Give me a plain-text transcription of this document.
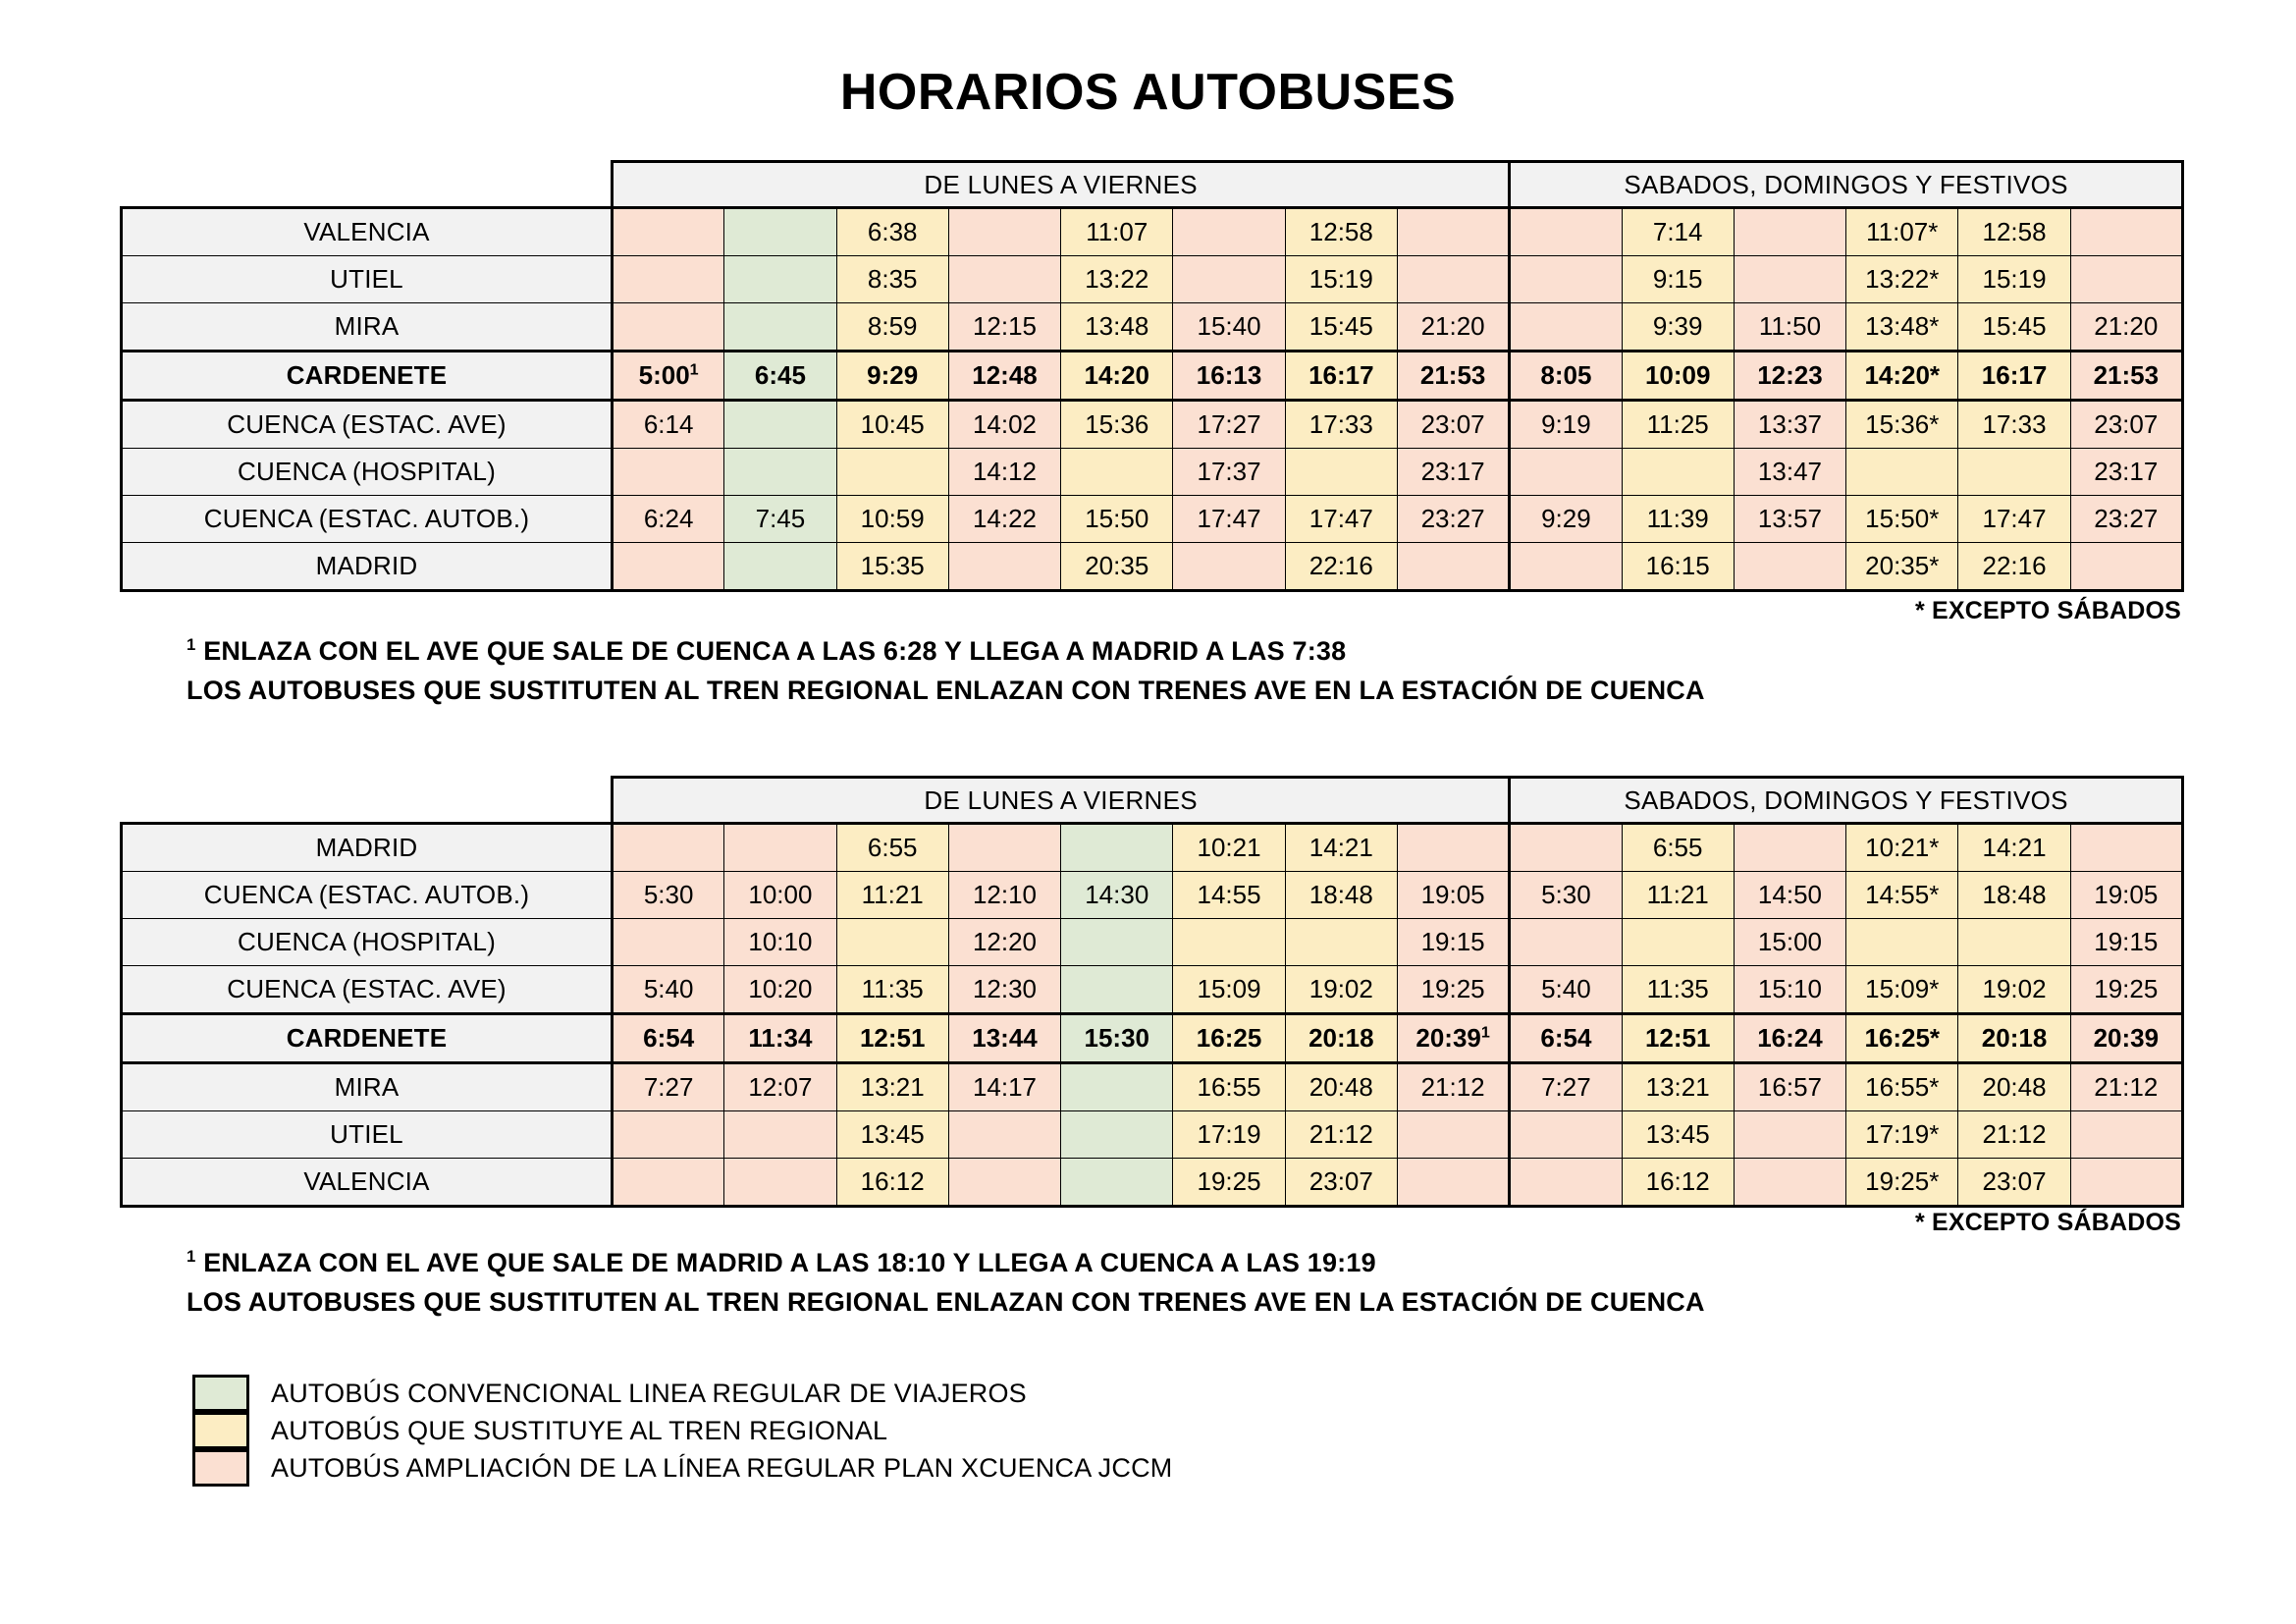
HORARIOS AUTOBUSES
	DE LUNES A VIERNES								SABADOS, DOMINGOS Y FESTIVOS					
VALENCIA			6:38		11:07		12:58			7:14		11:07*	12:58	
UTIEL			8:35		13:22		15:19			9:15		13:22*	15:19	
MIRA			8:59	12:15	13:48	15:40	15:45	21:20		9:39	11:50	13:48*	15:45	21:20
CARDENETE	5:00$^1$	6:45	9:29	12:48	14:20	16:13	16:17	21:53	8:05	10:09	12:23	14:20*	16:17	21:53
CUENCA (ESTAC. AVE)	6:14		10:45	14:02	15:36	17:27	17:33	23:07	9:19	11:25	13:37	15:36*	17:33	23:07
CUENCA (HOSPITAL)				14:12		17:37		23:17			13:47			23:17
CUENCA (ESTAC. AUTOB.)	6:24	7:45	10:59	14:22	15:50	17:47	17:47	23:27	9:29	11:39	13:57	15:50*	17:47	23:27
MADRID			15:35		20:35		22:16			16:15		20:35*	22:16	
* EXCEPTO SÁBADOS
$^1$ ENLAZA CON EL AVE QUE SALE DE CUENCA A LAS 6:28 Y LLEGA A MADRID A LAS 7:38
LOS AUTOBUSES QUE SUSTITUTEN AL TREN REGIONAL ENLAZAN CON TRENES AVE EN LA ESTACIÓN DE CUENCA
	DE LUNES A VIERNES								SABADOS, DOMINGOS Y FESTIVOS					
MADRID			6:55			10:21	14:21			6:55		10:21*	14:21	
CUENCA (ESTAC. AUTOB.)	5:30	10:00	11:21	12:10	14:30	14:55	18:48	19:05	5:30	11:21	14:50	14:55*	18:48	19:05
CUENCA (HOSPITAL)		10:10		12:20				19:15			15:00			19:15
CUENCA (ESTAC. AVE)	5:40	10:20	11:35	12:30		15:09	19:02	19:25	5:40	11:35	15:10	15:09*	19:02	19:25
CARDENETE	6:54	11:34	12:51	13:44	15:30	16:25	20:18	20:39$^1$	6:54	12:51	16:24	16:25*	20:18	20:39
MIRA	7:27	12:07	13:21	14:17		16:55	20:48	21:12	7:27	13:21	16:57	16:55*	20:48	21:12
UTIEL			13:45			17:19	21:12			13:45		17:19*	21:12	
VALENCIA			16:12			19:25	23:07			16:12		19:25*	23:07	
* EXCEPTO SÁBADOS
$^1$ ENLAZA CON EL AVE QUE SALE DE MADRID A LAS 18:10 Y LLEGA A CUENCA A LAS 19:19
LOS AUTOBUSES QUE SUSTITUTEN AL TREN REGIONAL ENLAZAN CON TRENES AVE EN LA ESTACIÓN DE CUENCA
AUTOBÚS CONVENCIONAL LINEA REGULAR DE VIAJEROS
AUTOBÚS QUE SUSTITUYE AL TREN REGIONAL
AUTOBÚS AMPLIACIÓN DE LA LÍNEA REGULAR PLAN XCUENCA JCCM
